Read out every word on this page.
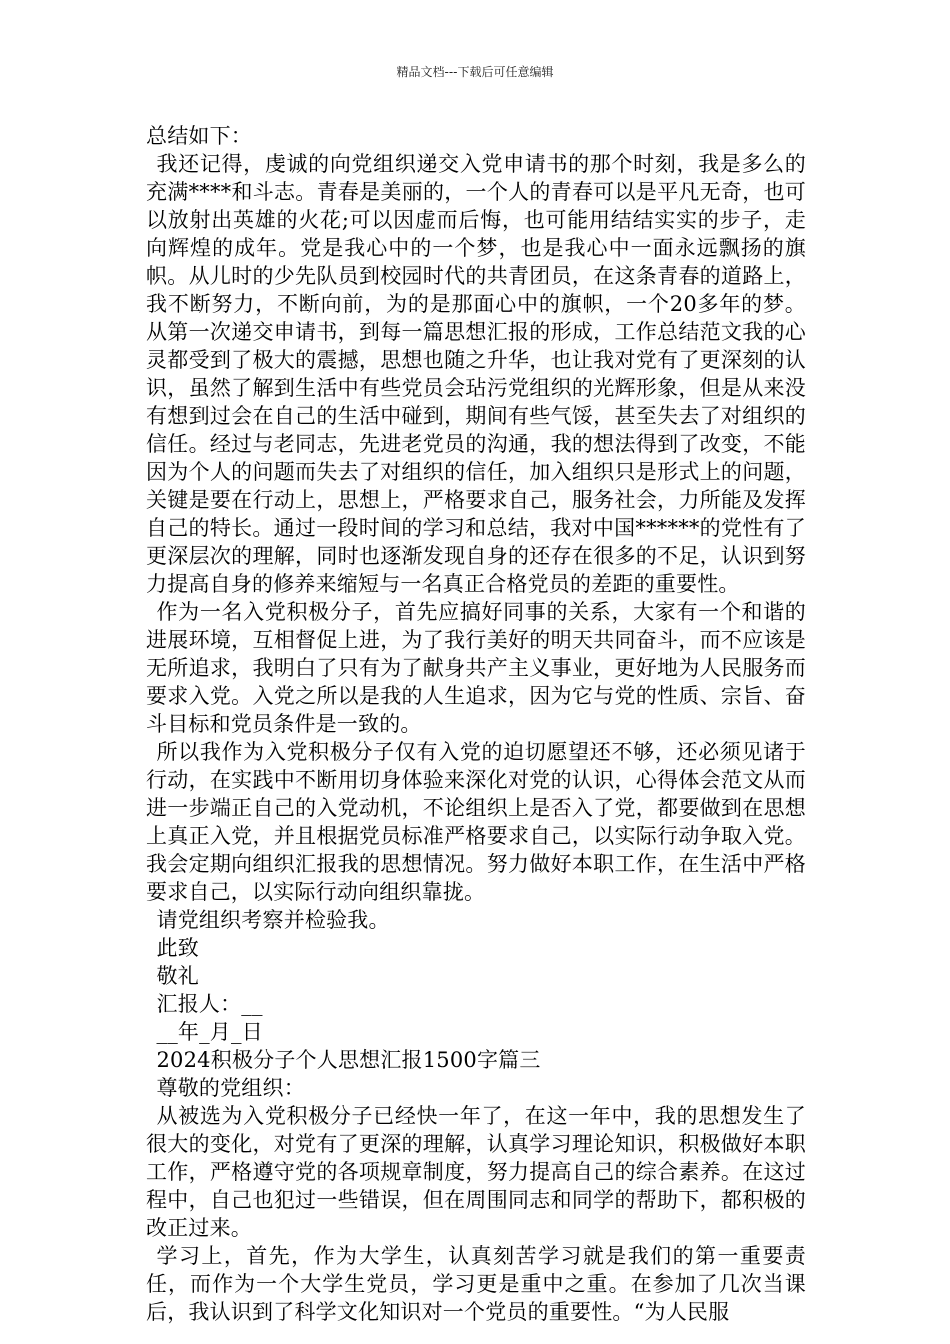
精品文档---下载后可任意编辑

总结如下：

我还记得，虔诚的向党组织递交入党申请书的那个时刻，我是多么的充满****和斗志。青春是美丽的，一个人的青春可以是平凡无奇，也可以放射出英雄的火花;可以因虚而后悔，也可能用结结实实的步子，走向辉煌的成年。党是我心中的一个梦，也是我心中一面永远飘扬的旗帜。从儿时的少先队员到校园时代的共青团员，在这条青春的道路上，我不断努力，不断向前，为的是那面心中的旗帜，一个20多年的梦。从第一次递交申请书，到每一篇思想汇报的形成，工作总结范文我的心灵都受到了极大的震撼，思想也随之升华，也让我对党有了更深刻的认识，虽然了解到生活中有些党员会玷污党组织的光辉形象，但是从来没有想到过会在自己的生活中碰到，期间有些气馁，甚至失去了对组织的信任。经过与老同志，先进老党员的沟通，我的想法得到了改变，不能因为个人的问题而失去了对组织的信任，加入组织只是形式上的问题，关键是要在行动上，思想上，严格要求自己，服务社会，力所能及发挥自己的特长。通过一段时间的学习和总结，我对中国******的党性有了更深层次的理解，同时也逐渐发现自身的还存在很多的不足，认识到努力提高自身的修养来缩短与一名真正合格党员的差距的重要性。

作为一名入党积极分子，首先应搞好同事的关系，大家有一个和谐的进展环境，互相督促上进，为了我行美好的明天共同奋斗，而不应该是无所追求，我明白了只有为了献身共产主义事业，更好地为人民服务而要求入党。入党之所以是我的人生追求，因为它与党的性质、宗旨、奋斗目标和党员条件是一致的。

所以我作为入党积极分子仅有入党的迫切愿望还不够，还必须见诸于行动，在实践中不断用切身体验来深化对党的认识，心得体会范文从而进一步端正自己的入党动机，不论组织上是否入了党，都要做到在思想上真正入党，并且根据党员标准严格要求自己，以实际行动争取入党。我会定期向组织汇报我的思想情况。努力做好本职工作，在生活中严格要求自己，以实际行动向组织靠拢。

请党组织考察并检验我。

此致

敬礼

汇报人：__

__年_月_日

2024积极分子个人思想汇报1500字篇三

尊敬的党组织：

从被选为入党积极分子已经快一年了，在这一年中，我的思想发生了很大的变化，对党有了更深的理解，认真学习理论知识，积极做好本职工作，严格遵守党的各项规章制度，努力提高自己的综合素养。在这过程中，自己也犯过一些错误，但在周围同志和同学的帮助下，都积极的改正过来。

学习上，首先，作为大学生，认真刻苦学习就是我们的第一重要责任，而作为一个大学生党员，学习更是重中之重。在参加了几次当课后，我认识到了科学文化知识对一个党员的重要性。“为人民服
